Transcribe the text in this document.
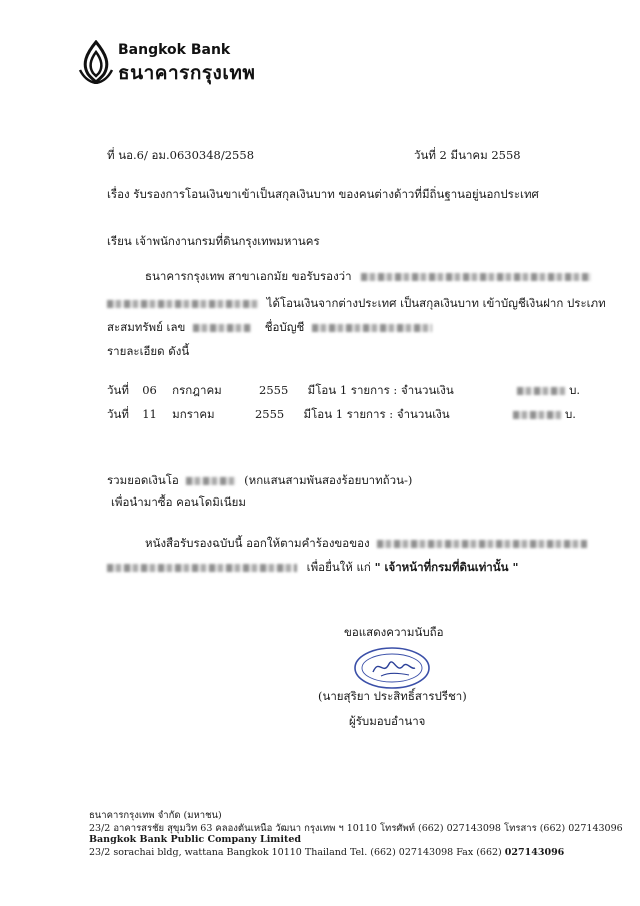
Bangkok Bank
ธนาคารกรุงเทพ
ที่ นอ.6/ อม.0630348/2558	วันที่ 2 มีนาคม 2558
เรื่อง รับรองการโอนเงินขาเข้าเป็นสกุลเงินบาท ของคนต่างด้าวที่มีถิ่นฐานอยู่นอกประเทศ
เรียน เจ้าพนักงานกรมที่ดินกรุงเทพมหานคร
ธนาคารกรุงเทพ สาขาเอกมัย ขอรับรองว่า
ได้โอนเงินจากต่างประเทศ เป็นสกุลเงินบาท เข้าบัญชีเงินฝาก ประเภท
สะสมทรัพย์ เลข	ชื่อบัญชี
รายละเอียด ดังนี้
วันที่ 06 กรกฎาคม	2555 มีโอน 1 รายการ : จำนวนเงิน	บ.
วันที่ 11 มกราคม	2555 มีโอน 1 รายการ : จำนวนเงิน	บ.
รวมยอดเงินโอ	(หกแสนสามพันสองร้อยบาทถ้วน-)
เพื่อนำมาซื้อ คอนโดมิเนียม
หนังสือรับรองฉบับนี้ ออกให้ตามคำร้องขอของ
เพื่อยื่นให้ แก่ " เจ้าหน้าที่กรมที่ดินเท่านั้น "
ขอแสดงความนับถือ
(นายสุริยา ประสิทธิ์สารปรีชา)
ผู้รับมอบอำนาจ
ธนาคารกรุงเทพ จำกัด (มหาชน)
23/2 อาคารสรชัย สุขุมวิท 63 คลองตันเหนือ วัฒนา กรุงเทพ ฯ 10110 โทรศัพท์ (662) 027143098 โทรสาร (662) 027143096
Bangkok Bank Public Company Limited
23/2 sorachai bldg, wattana Bangkok 10110 Thailand Tel. (662) 027143098 Fax (662) 027143096
